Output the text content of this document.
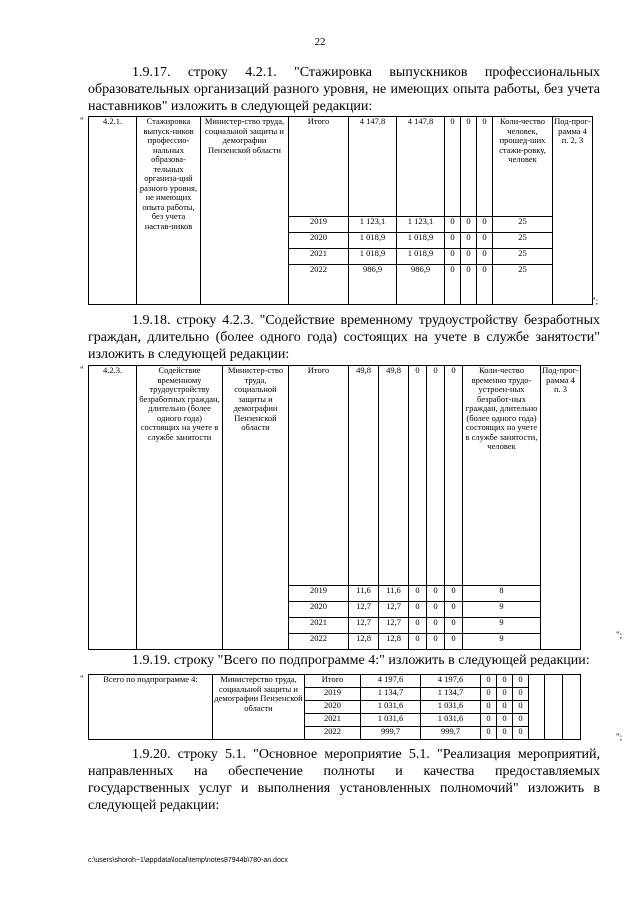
22

1.9.17. строку 4.2.1. "Стажировка выпускников профессиональных образовательных организаций разного уровня, не имеющих опыта работы, без учета наставников" изложить в следующей редакции:

" 4.2.1.	Стажировка выпуск-ников профессио-нальных образова-тельных организа-ций разного уровня, не имеющих опыта работы, без учета настав-ников	Министер-ство труда, социальной защиты и демографии Пензенской области	Итого	4 147,8	4 147,8	0	0	0	Коли-чество человек, прошед-ших стажи-ровку, человек	Под-прог-рамма 4 п. 2, 3
			2019	1 123,1	1 123,1	0	0	0	25	
			2020	1 018,9	1 018,9	0	0	0	25	
			2021	1 018,9	1 018,9	0	0	0	25	
			2022	986,9	986,9	0	0	0	25	
";

1.9.18. строку 4.2.3. "Содействие временному трудоустройству безработных граждан, длительно (более одного года) состоящих на учете в службе занятости" изложить в следующей редакции:

" 4.2.3.	Содействие временному трудоустройству безработных граждан, длительно (более одного года) состоящих на учете в службе занятости	Министер-ство труда, социальной защиты и демографии Пензенской области	Итого	49,8	49,8	0	0	0	Коли-чество временно трудо-устроен-ных безработ-ных граждан, длительно (более одного года) состоящих на учете в службе занятости, человек	Под-прог-рамма 4 п. 3
			2019	11,6	11,6	0	0	0	8	
			2020	12,7	12,7	0	0	0	9	
			2021	12,7	12,7	0	0	0	9	
			2022	12,8	12,8	0	0	0	9		";

1.9.19. строку "Всего по подпрограмме 4:" изложить в следующей редакции:

" Всего по подпрограмме 4:	Министерство труда, социальной защиты и демографии Пензенской области	Итого	4 197,6	4 197,6	0	0	0			
		2019	1 134,7	1 134,7	0	0	0			
		2020	1 031,6	1 031,6	0	0	0			
		2021	1 031,6	1 031,6	0	0	0			
		2022	999,7	999,7	0	0	0			
";

1.9.20. строку 5.1. "Основное мероприятие 5.1. "Реализация мероприятий, направленных на обеспечение полноты и качества предоставляемых государственных услуг и выполнения установленных полномочий" изложить в следующей редакции:

c:\users\shoroh~1\appdata\local\temp\notes87944b\780-an.docx
